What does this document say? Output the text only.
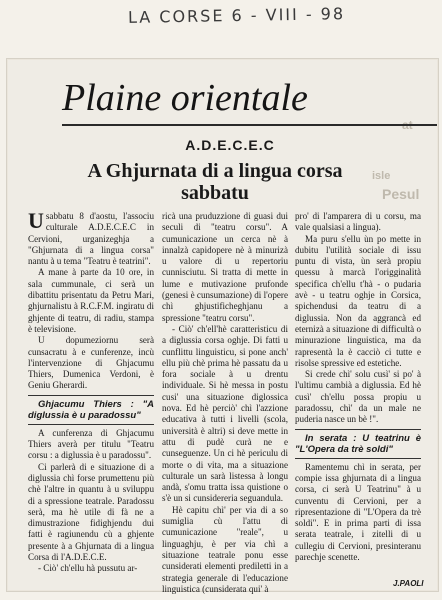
LA CORSE 6 - VIII - 98
isle
Pesul
Plaine orientale
A.D.E.C.E.C
A Ghjurnata di a lingua corsa sabbatu

Usabbatu 8 d'aostu, l'associu culturale A.D.E.C.E.C in Cervioni, urganizeghja a "Ghjurnata di a lingua corsa" nantu à u tema "Teatru è teatrini".

A mane à parte da 10 ore, in sala cummunale, ci serà un dibattitu prisentatu da Petru Mari, ghjurnalistu à R.C.F.M. ingiratu di ghjente di teatru, di radiu, stampa è televisione.

U dopumeziornu serà cunsacratu à e cunferenze, incù l'intervenzione di Ghjacumu Thiers, Dumenica Verdoni, è Geniu Gherardi.

Ghjacumu Thiers : "A diglussia è u paradossu"

A cunferenza di Ghjacumu Thiers averà per titulu "Teatru corsu : a diglussia è u paradossu".

Ci parlerà di e situazione di a diglussia chì forse prumettenu più chè l'altre in quantu à u sviluppu di a spressione teatrale. Paradossu serà, ma hè utile di fà ne a dimustrazione fidighjendu dui fatti è ragiunendu cù a ghjente presente à a Ghjurnata di a lingua Corsa di l'A.D.E.C.E.

- Ciò' ch'ellu hà pussutu ar-

ricà una pruduzzione di guasi dui seculi di "teatru corsu". A cumunicazione un cerca nè à innalzà capidopere nè à minurizà u valore di u repertoriu cunnisciutu. Si tratta di mette in lume e mutivazione prufonde (genesi è cunsumazione) di l'opere chì ghjustificheghjanu a spressione "teatru corsu".

- Ciò' ch'ell'hè caratteristicu di a diglussia corsa oghje. Di fatti u cunflittu linguisticu, si pone anch' ellu più chè prima hè passatu da u fora sociale à u drentu individuale. Si hè messa in postu cusi' una situazione diglossica nova. Ed hè perciò' chì l'azzione educativa à tutti i livelli (scola, università è altri) si deve mette in attu di pudè curà ne e cunseguenze. Un ci hè periculu di morte o di vita, ma a situazione culturale un sarà listessa à longu andà, s'omu tratta issa quistione o s'è un si cunsidereria seguandula.

Hè capitu chì' per via di a so sumiglia cù l'attu di cumunicazione "reale", u linguaghju, è per via chì a situazione teatrale ponu esse cunsiderati elementi prediletti in a strategia generale di l'educazione linguistica (cunsiderata qui' à

pro' di l'amparera di u corsu, ma vale qualsiasi a lingua).

Ma puru s'ellu ùn po mette in dubitu l'utilità sociale di issu puntu di vista, ùn serà propiu quessu à marcà l'origginalità specifica ch'ellu t'hà - o pudaria avè - u teatru oghje in Corsica, spichendusi da teatru di a diglussia. Non da aggrancà ed eternizà a situazione di difficultà o minurazione linguistica, ma da rapresentà la è cacciò ci tutte e risolse spressive ed estetiche.

Si crede chì' solu cusì' si po' à l'ultimu cambià a diglussia. Ed hè cusì' ch'ellu possa propiu u paradossu, chì' da un male ne puderia nasce un bè !".

In serata : U teatrinu è "L'Opera da trè soldi"

Ramentemu chì in serata, per compie issa ghjurnata di a lingua corsa, ci serà U Teatrinu" à u cunventu di Cervioni, per a ripresentazione di "L'Opera da trè soldi". E in prima parti di issa serata teatrale, i zitelli di u cullegiu di Cervioni, presinteranu parechje scenette.

J.PAOLI
